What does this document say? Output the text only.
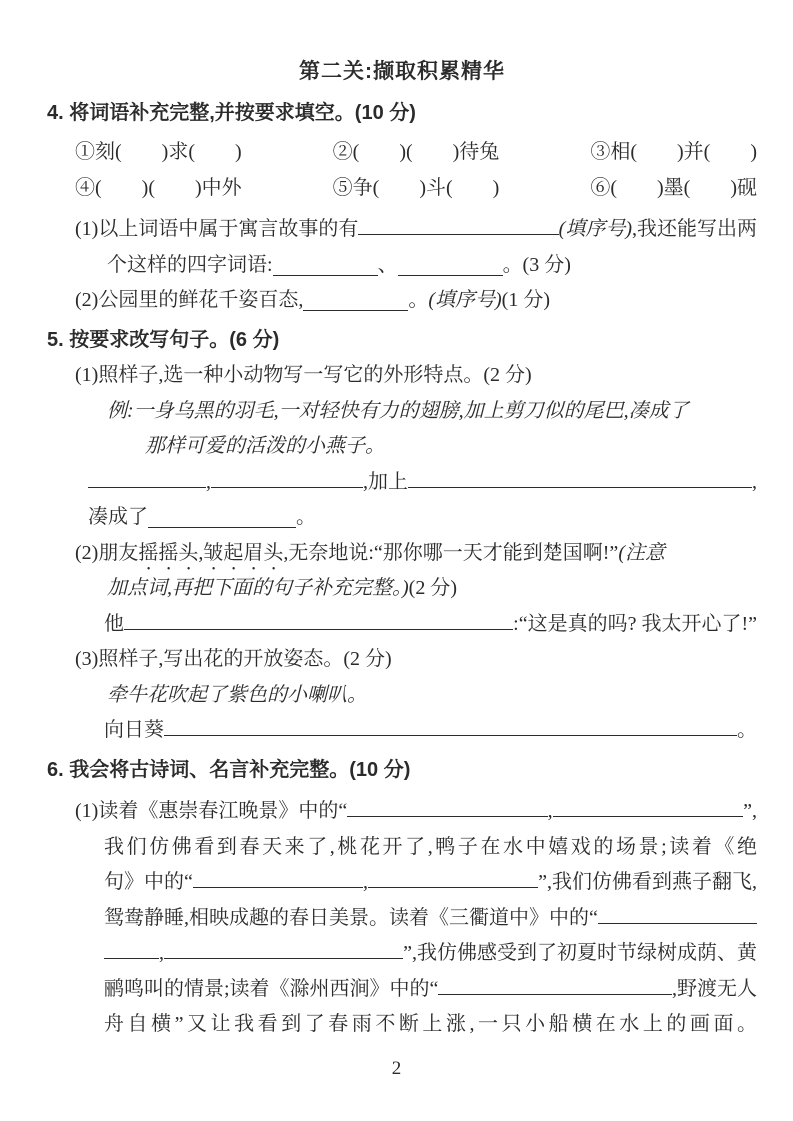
第二关:撷取积累精华
4. 将词语补充完整,并按要求填空。(10 分)
①刻(　　)求(　　)	②(　　)(　　)待兔	③相(　　)并(　　)
④(　　)(　　)中外	⑤争(　　)斗(　　)	⑥(　　)墨(　　)砚
(1)以上词语中属于寓言故事的有	( 填序号 ) ,我还能写出两
个这样的四字词语:	、	。(3 分)
(2)公园里的鲜花千姿百态,	。(填序号)(1 分)
5. 按要求改写句子。(6 分)
(1)照样子,选一种小动物写一写它的外形特点。(2 分)
例:一身乌黑的羽毛,一对轻快有力的翅膀,加上剪刀似的尾巴,凑成了
那样可爱的活泼的小燕子。
,	,加上	,
凑成了	。
(2)朋友摇摇头,皱起眉头,无奈地说:“那你哪一天才能到楚国啊!”(注意
加点词,再把下面的句子补充完整。)(2 分)
他	:“这是真的吗? 我太开心了!”
(3)照样子,写出花的开放姿态。(2 分)
牵牛花吹起了紫色的小喇叭。
向日葵	。
6. 我会将古诗词、名言补充完整。(10 分)
(1)读着《惠崇春江晚景》中的“	,	”,
我们仿佛看到春天来了,桃花开了,鸭子在水中嬉戏的场景;读着《绝
句》中的“	,	”,我们仿佛看到燕子翻飞,
鸳鸯静睡,相映成趣的春日美景。读着《三衢道中》中的“
,	”,我仿佛感受到了初夏时节绿树成荫、黄
鹂鸣叫的情景;读着《滁州西涧》中的“	,野渡无人
舟自横”又让我看到了春雨不断上涨,一只小船横在水上的画面。
2
